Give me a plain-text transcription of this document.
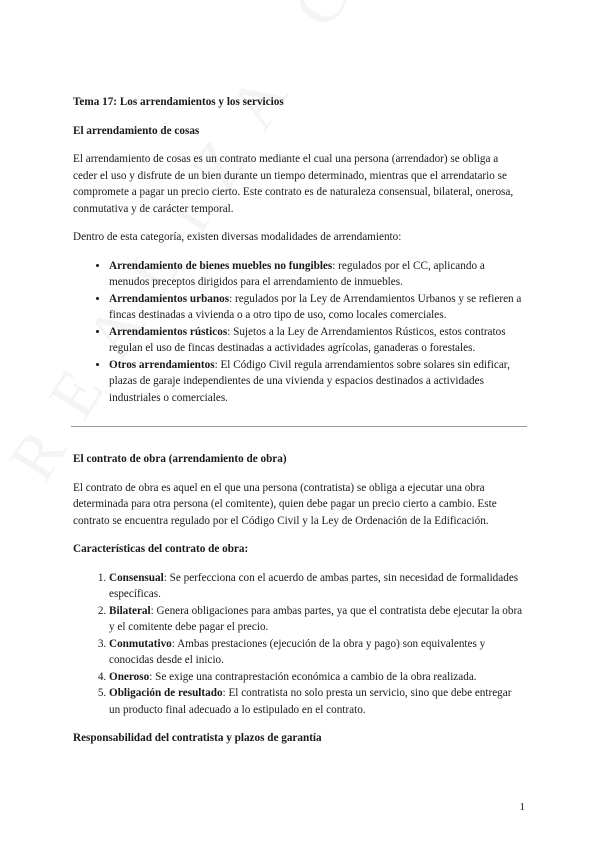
Tema 17: Los arrendamientos y los servicios
El arrendamiento de cosas

El arrendamiento de cosas es un contrato mediante el cual una persona (arrendador) se obliga a ceder el uso y disfrute de un bien durante un tiempo determinado, mientras que el arrendatario se compromete a pagar un precio cierto. Este contrato es de naturaleza consensual, bilateral, onerosa, conmutativa y de carácter temporal.

Dentro de esta categoría, existen diversas modalidades de arrendamiento:

• Arrendamiento de bienes muebles no fungibles: regulados por el CC, aplicando a menudos preceptos dirigidos para el arrendamiento de inmuebles.
• Arrendamientos urbanos: regulados por la Ley de Arrendamientos Urbanos y se refieren a fincas destinadas a vivienda o a otro tipo de uso, como locales comerciales.
• Arrendamientos rústicos: Sujetos a la Ley de Arrendamientos Rústicos, estos contratos regulan el uso de fincas destinadas a actividades agrícolas, ganaderas o forestales.
• Otros arrendamientos: El Código Civil regula arrendamientos sobre solares sin edificar, plazas de garaje independientes de una vivienda y espacios destinados a actividades industriales o comerciales.
El contrato de obra (arrendamiento de obra)

El contrato de obra es aquel en el que una persona (contratista) se obliga a ejecutar una obra determinada para otra persona (el comitente), quien debe pagar un precio cierto a cambio. Este contrato se encuentra regulado por el Código Civil y la Ley de Ordenación de la Edificación.

Características del contrato de obra:
1. Consensual: Se perfecciona con el acuerdo de ambas partes, sin necesidad de formalidades específicas.
2. Bilateral: Genera obligaciones para ambas partes, ya que el contratista debe ejecutar la obra y el comitente debe pagar el precio.
3. Conmutativo: Ambas prestaciones (ejecución de la obra y pago) son equivalentes y conocidas desde el inicio.
4. Oneroso: Se exige una contraprestación económica a cambio de la obra realizada.
5. Obligación de resultado: El contratista no solo presta un servicio, sino que debe entregar un producto final adecuado a lo estipulado en el contrato.
Responsabilidad del contratista y plazos de garantía
1
